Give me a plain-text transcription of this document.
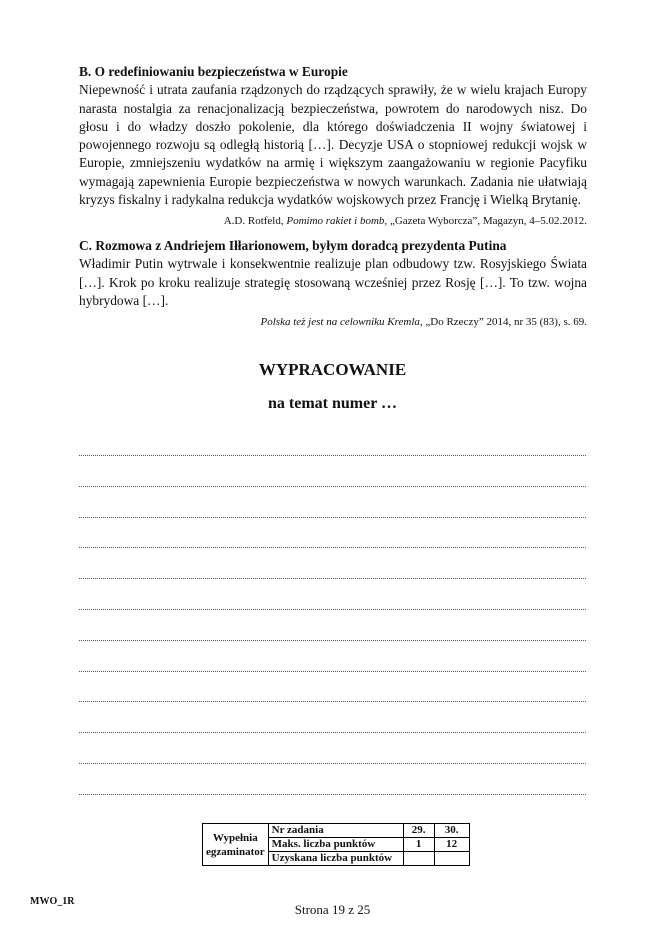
B. O redefiniowaniu bezpieczeństwa w Europie
Niepewność i utrata zaufania rządzonych do rządzących sprawiły, że w wielu krajach Europy narasta nostalgia za renacjonalizacją bezpieczeństwa, powrotem do narodowych nisz. Do głosu i do władzy doszło pokolenie, dla którego doświadczenia II wojny światowej i powojennego rozwoju są odległą historią […]. Decyzje USA o stopniowej redukcji wojsk w Europie, zmniejszeniu wydatków na armię i większym zaangażowaniu w regionie Pacyfiku wymagają zapewnienia Europie bezpieczeństwa w nowych warunkach. Zadania nie ułatwiają kryzys fiskalny i radykalna redukcja wydatków wojskowych przez Francję i Wielką Brytanię.
A.D. Rotfeld, Pomimo rakiet i bomb, „Gazeta Wyborcza”, Magazyn, 4–5.02.2012.
C. Rozmowa z Andriejem Iłłarionowem, byłym doradcą prezydenta Putina
Władimir Putin wytrwale i konsekwentnie realizuje plan odbudowy tzw. Rosyjskiego Świata […]. Krok po kroku realizuje strategię stosowaną wcześniej przez Rosję […]. To tzw. wojna hybrydowa […].
Polska też jest na celowniku Kremla, „Do Rzeczy” 2014, nr 35 (83), s. 69.
WYPRACOWANIE
na temat numer …
Wypełnia egzaminator	Nr zadania	29.	30.
	Maks. liczba punktów	1	12
	Uzyskana liczba punktów		
MWO_1R
Strona 19 z 25
